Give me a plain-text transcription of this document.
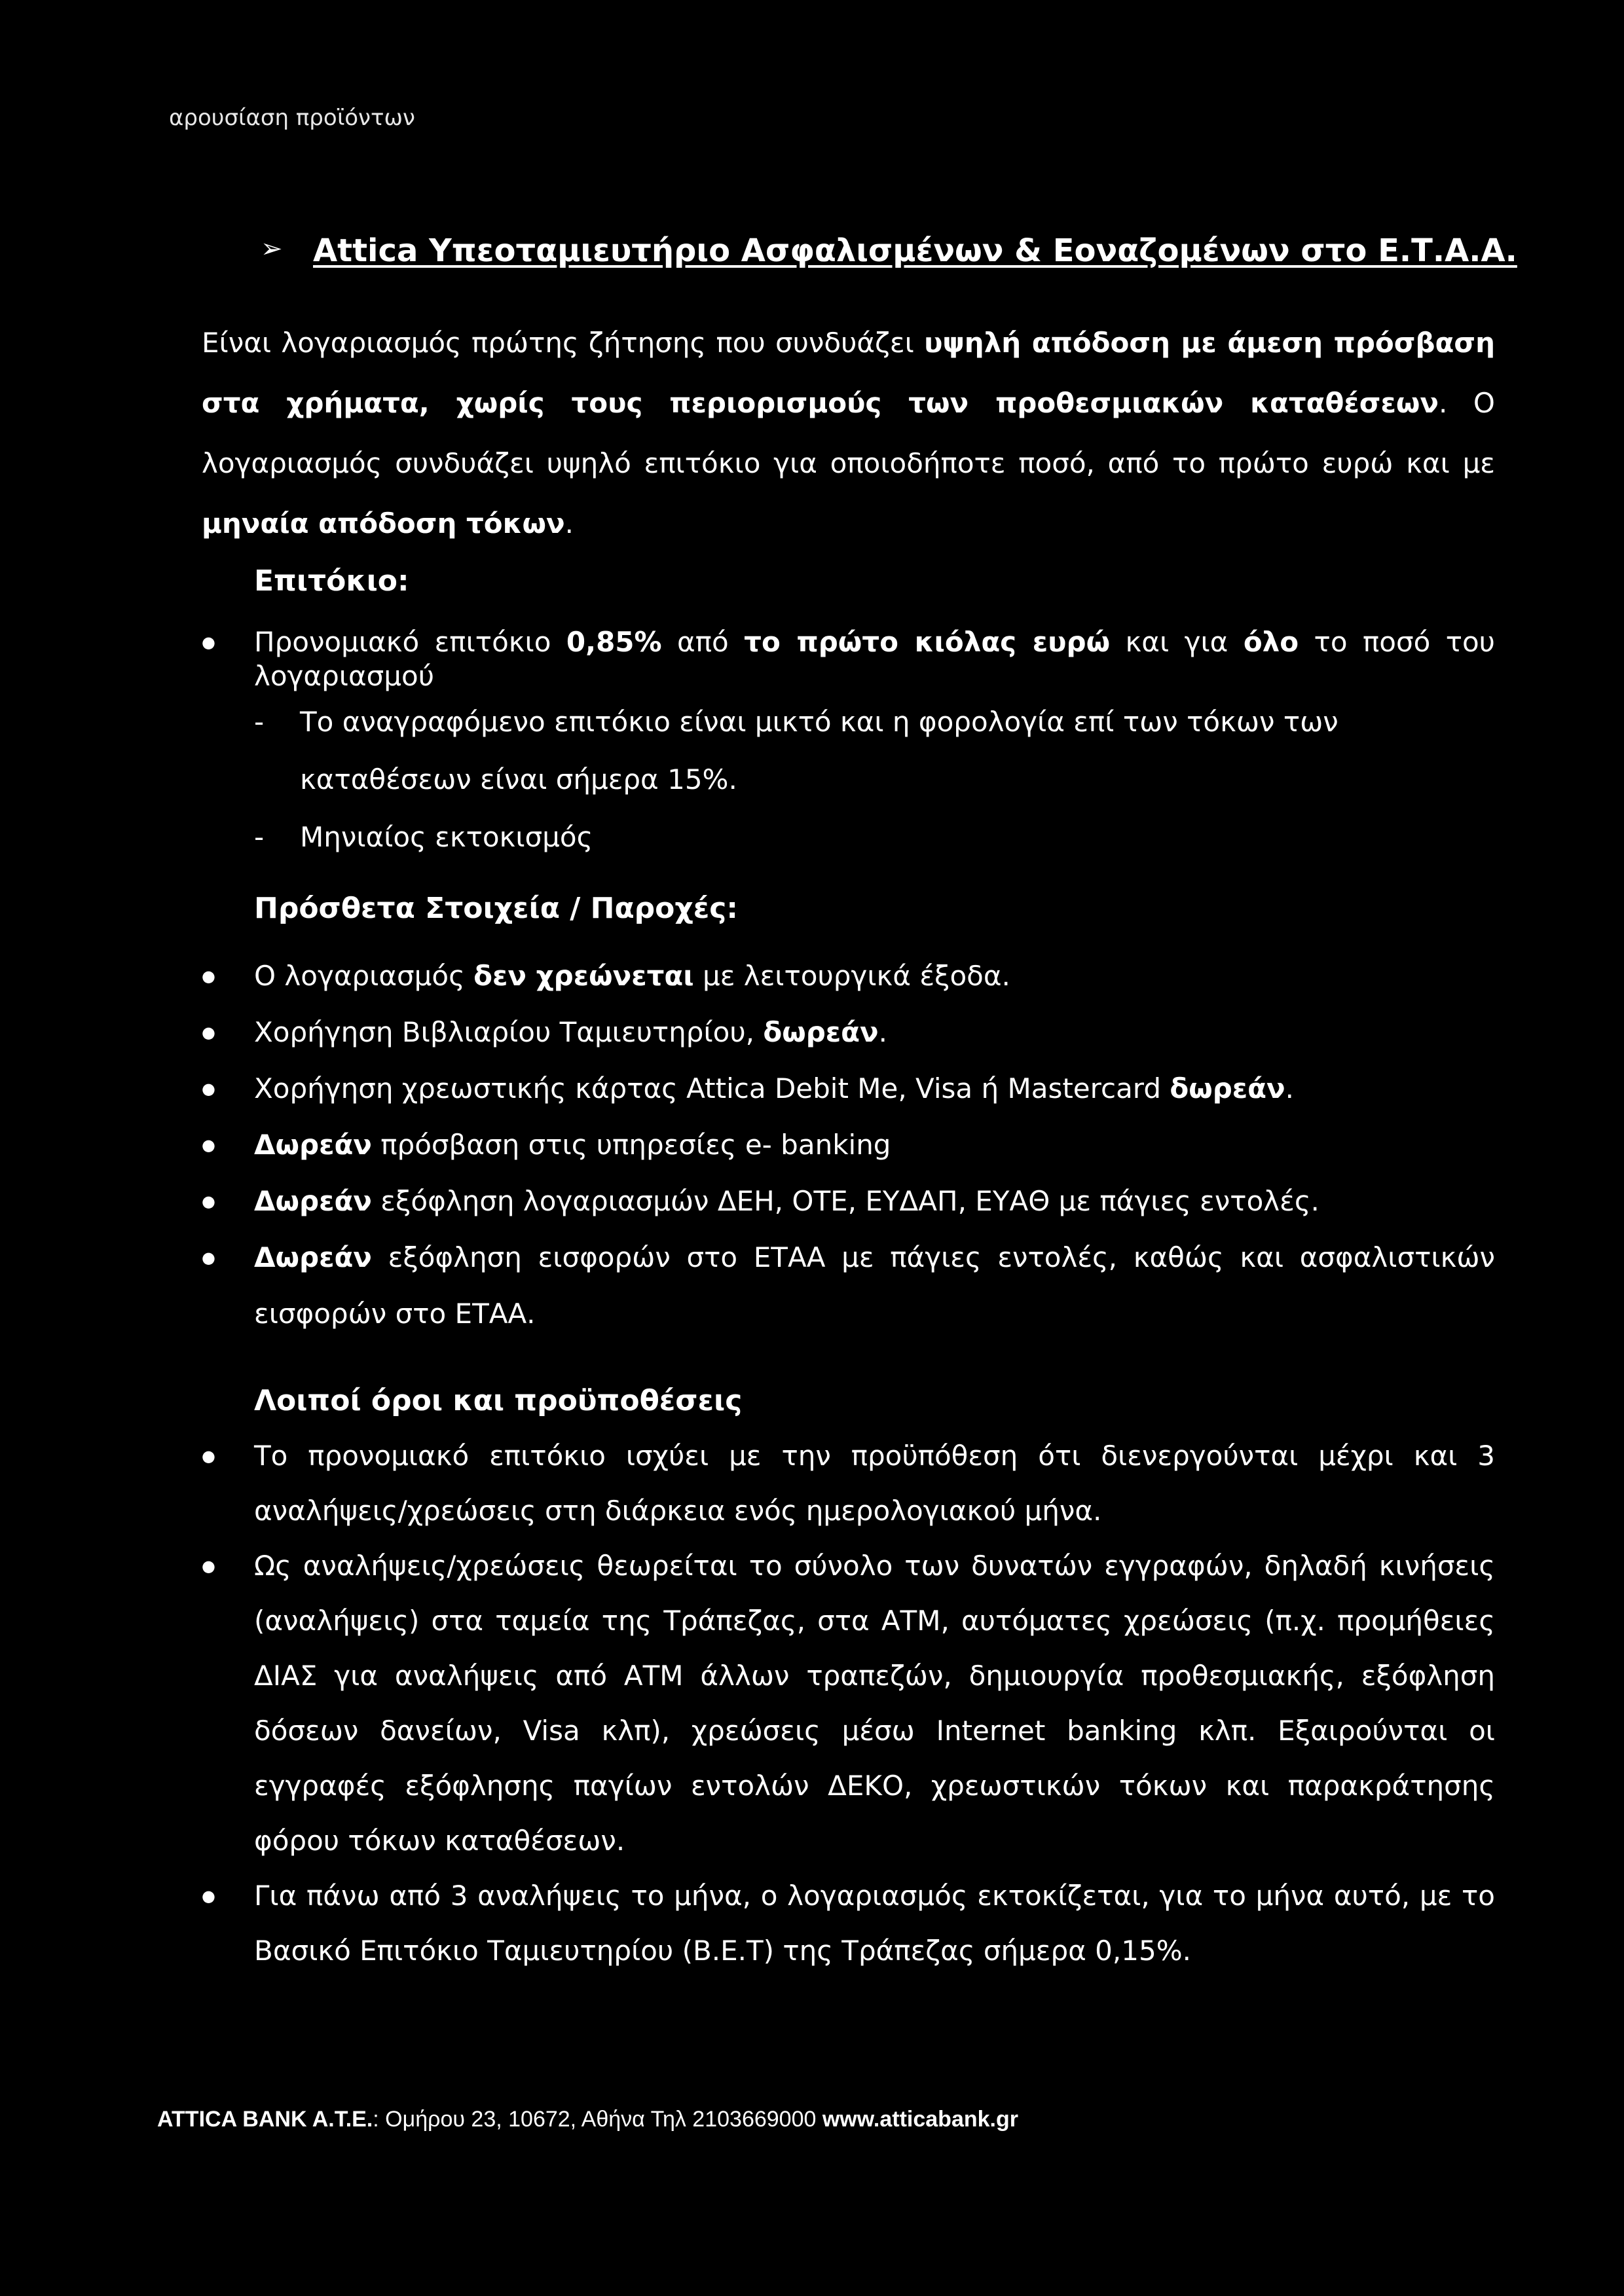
αρουσίαση προϊόντων
➢ Attica Υπεοταμιευτήριο Ασφαλισμένων & Εοναζομένων στο Ε.Τ.Α.Α.
Είναι λογαριασμός πρώτης ζήτησης που συνδυάζει υψηλή απόδοση με άμεση πρόσβαση στα χρήματα, χωρίς τους περιορισμούς των προθεσμιακών καταθέσεων. Ο λογαριασμός συνδυάζει υψηλό επιτόκιο για οποιοδήποτε ποσό, από το πρώτο ευρώ και με μηναία απόδοση τόκων.
Επιτόκιο:
● Προνομιακό επιτόκιο 0,85% από το πρώτο κιόλας ευρώ και για όλο το ποσό του λογαριασμού
- Το αναγραφόμενο επιτόκιο είναι μικτό και η φορολογία επί των τόκων των καταθέσεων είναι σήμερα 15%.
- Μηνιαίος εκτοκισμός
Πρόσθετα Στοιχεία / Παροχές:
● Ο λογαριασμός δεν χρεώνεται με λειτουργικά έξοδα.
● Χορήγηση Βιβλιαρίου Ταμιευτηρίου, δωρεάν.
● Χορήγηση χρεωστικής κάρτας Attica Debit Me, Visa ή Mastercard δωρεάν.
● Δωρεάν πρόσβαση στις υπηρεσίες e- banking
● Δωρεάν εξόφληση λογαριασμών ΔΕΗ, ΟΤΕ, ΕΥΔΑΠ, ΕΥΑΘ με πάγιες εντολές.
● Δωρεάν εξόφληση εισφορών στο ΕΤΑΑ με πάγιες εντολές, καθώς και ασφαλιστικών εισφορών στο ΕΤΑΑ.
Λοιποί όροι και προϋποθέσεις
● Το προνομιακό επιτόκιο ισχύει με την προϋπόθεση ότι διενεργούνται μέχρι και 3 αναλήψεις/χρεώσεις στη διάρκεια ενός ημερολογιακού μήνα.
● Ως αναλήψεις/χρεώσεις θεωρείται το σύνολο των δυνατών εγγραφών, δηλαδή κινήσεις (αναλήψεις) στα ταμεία της Τράπεζας, στα ΑΤΜ, αυτόματες χρεώσεις (π.χ. προμήθειες ΔΙΑΣ για αναλήψεις από ΑΤΜ άλλων τραπεζών, δημιουργία προθεσμιακής, εξόφληση δόσεων δανείων, Visa κλπ), χρεώσεις μέσω Internet banking κλπ. Εξαιρούνται οι εγγραφές εξόφλησης παγίων εντολών ΔΕΚΟ, χρεωστικών τόκων και παρακράτησης φόρου τόκων καταθέσεων.
● Για πάνω από 3 αναλήψεις το μήνα, ο λογαριασμός εκτοκίζεται, για το μήνα αυτό, με το Βασικό Επιτόκιο Ταμιευτηρίου (Β.Ε.Τ) της Τράπεζας σήμερα 0,15%.
ATTICA BANK A.T.E.: Ομήρου 23, 10672, Αθήνα Τηλ 2103669000 www.atticabank.gr
